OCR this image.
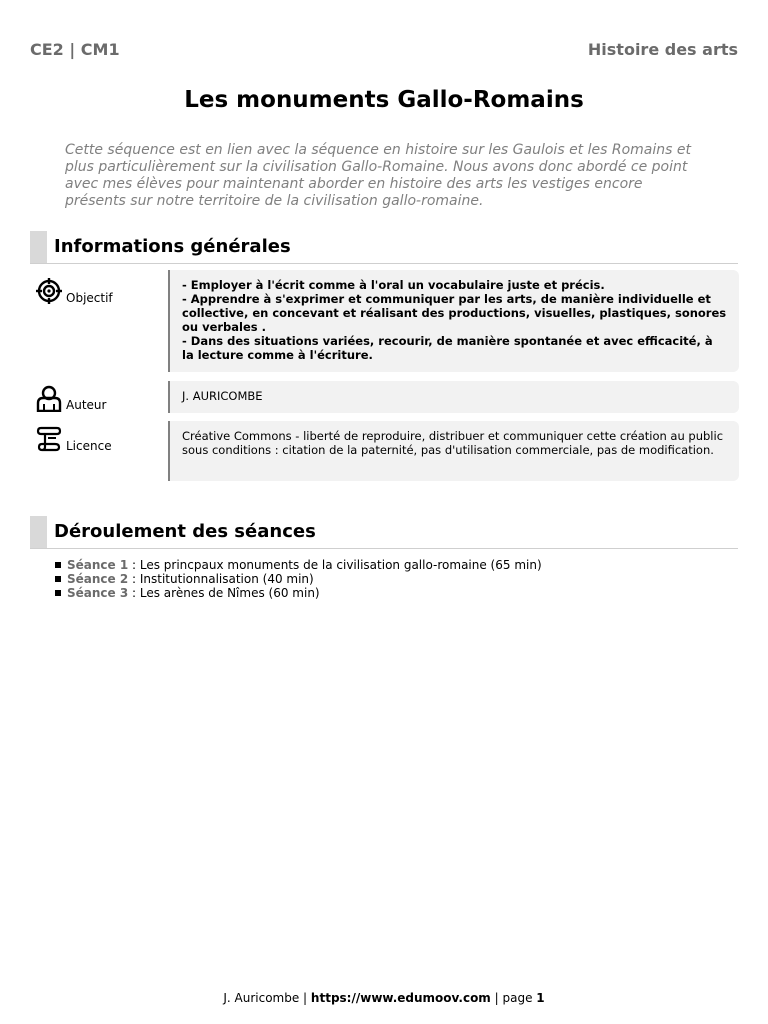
CE2 | CM1	Histoire des arts
Les monuments Gallo-Romains

Cette séquence est en lien avec la séquence en histoire sur les Gaulois et les Romains et plus particulièrement sur la civilisation Gallo-Romaine. Nous avons donc abordé ce point avec mes élèves pour maintenant aborder en histoire des arts les vestiges encore présents sur notre territoire de la civilisation gallo-romaine.

Informations générales
Objectif
- Employer à l'écrit comme à l'oral un vocabulaire juste et précis.
- Apprendre à s'exprimer et communiquer par les arts, de manière individuelle et collective, en concevant et réalisant des productions, visuelles, plastiques, sonores ou verbales .
- Dans des situations variées, recourir, de manière spontanée et avec efficacité, à la lecture comme à l'écriture.
Auteur
J. AURICOMBE
Licence
Créative Commons - liberté de reproduire, distribuer et communiquer cette création au public sous conditions : citation de la paternité, pas d'utilisation commerciale, pas de modification.
Déroulement des séances
Séance 1 : Les princpaux monuments de la civilisation gallo-romaine (65 min)
Séance 2 : Institutionnalisation (40 min)
Séance 3 : Les arènes de Nîmes (60 min)
J. Auricombe | https://www.edumoov.com | page 1
